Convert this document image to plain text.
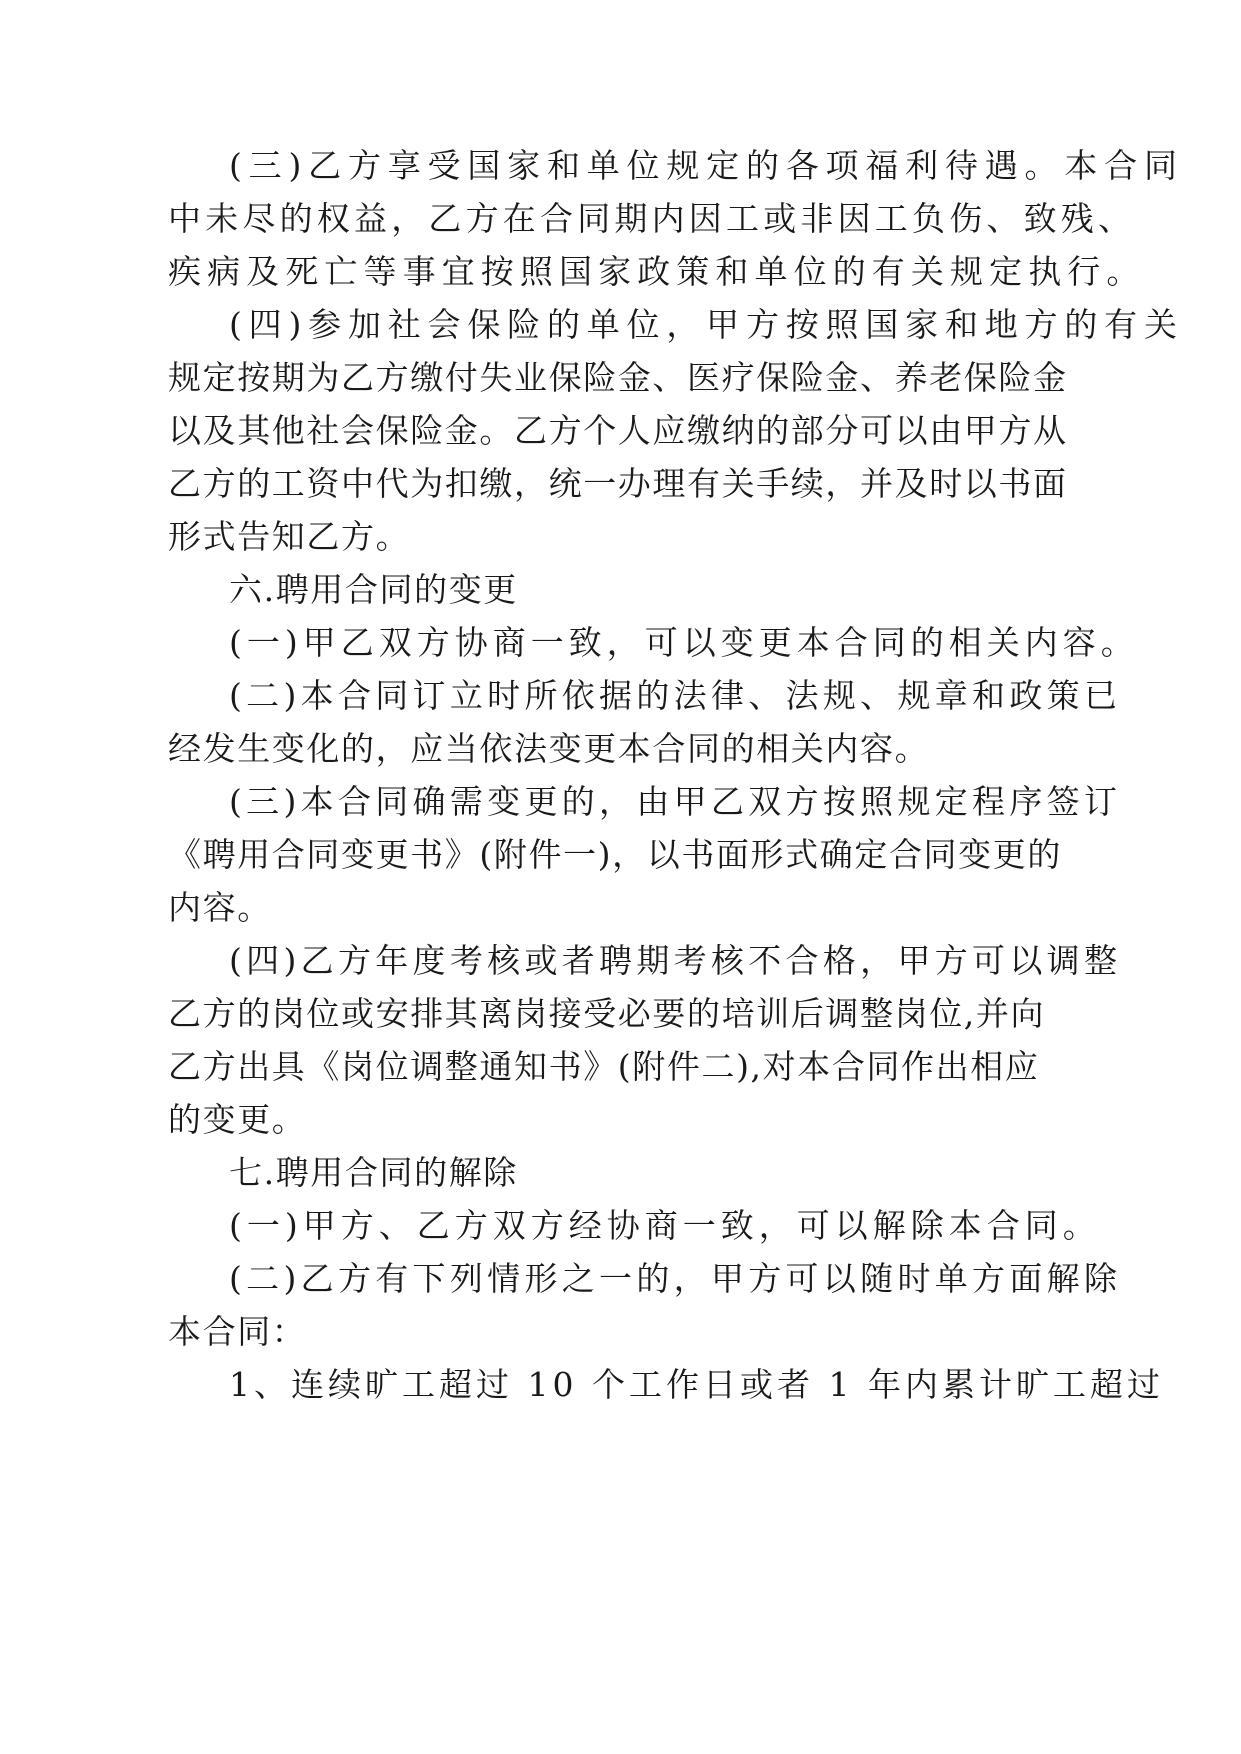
(三)乙方享受国家和单位规定的各项福利待遇。本合同

中未尽的权益，乙方在合同期内因工或非因工负伤、致残、

疾病及死亡等事宜按照国家政策和单位的有关规定执行。

(四)参加社会保险的单位，甲方按照国家和地方的有关

规定按期为乙方缴付失业保险金、医疗保险金、养老保险金

以及其他社会保险金。乙方个人应缴纳的部分可以由甲方从

乙方的工资中代为扣缴，统一办理有关手续，并及时以书面

形式告知乙方。

六.聘用合同的变更

(一)甲乙双方协商一致，可以变更本合同的相关内容。

(二)本合同订立时所依据的法律、法规、规章和政策已

经发生变化的，应当依法变更本合同的相关内容。

(三)本合同确需变更的，由甲乙双方按照规定程序签订

《聘用合同变更书》(附件一)，以书面形式确定合同变更的

内容。

(四)乙方年度考核或者聘期考核不合格，甲方可以调整

乙方的岗位或安排其离岗接受必要的培训后调整岗位,并向

乙方出具《岗位调整通知书》(附件二),对本合同作出相应

的变更。

七.聘用合同的解除

(一)甲方、乙方双方经协商一致，可以解除本合同。

(二)乙方有下列情形之一的，甲方可以随时单方面解除

本合同：

1、连续旷工超过 10 个工作日或者 1 年内累计旷工超过
